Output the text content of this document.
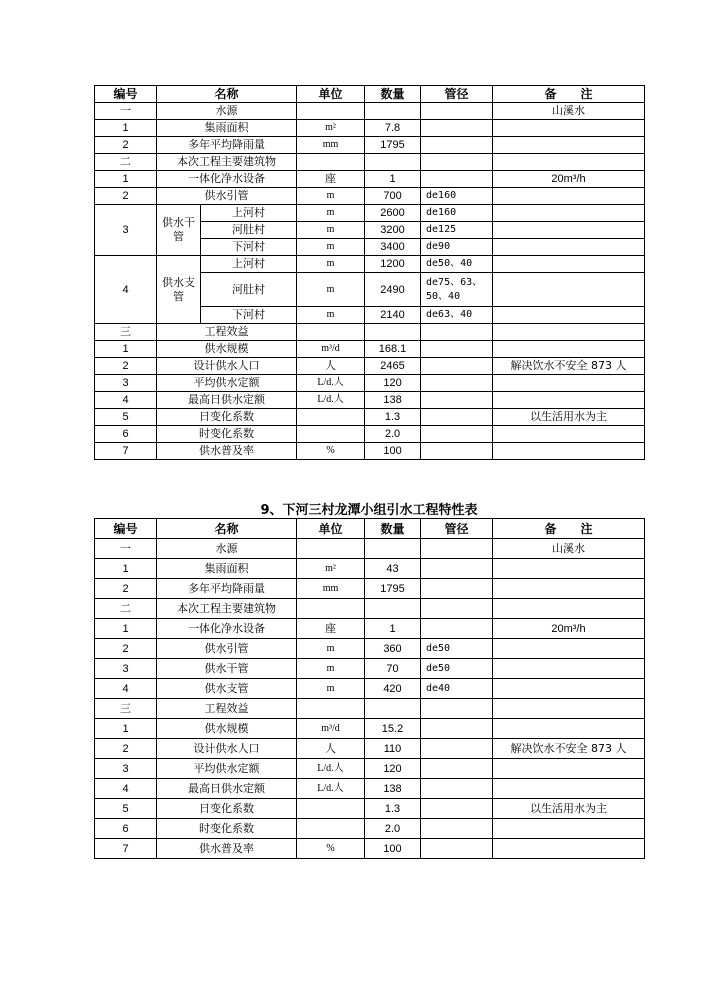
编号	名称		单位	数量	管径	备　　注
一	水源					山溪水
1	集雨面积		m²	7.8		
2	多年平均降雨量		mm	1795		
二	本次工程主要建筑物					
1	一体化净水设备		座	1		20m³/h
2	供水引管		m	700	de160	
3	供水干管	上河村	m	2600	de160	
		河肚村	m	3200	de125	
		下河村	m	3400	de90	
4	供水支管	上河村	m	1200	de50、40	
		河肚村	m	2490	de75、63、50、40	
		下河村	m	2140	de63、40	
三	工程效益					
1	供水规模		m³/d	168.1		
2	设计供水人口		人	2465		解决饮水不安全 873 人
3	平均供水定额		L/d.人	120		
4	最高日供水定额		L/d.人	138		
5	日变化系数			1.3		以生活用水为主
6	时变化系数			2.0		
7	供水普及率		%	100		
9、下河三村龙潭小组引水工程特性表
编号	名称	单位	数量	管径	备　　注
一	水源				山溪水
1	集雨面积	m²	43		
2	多年平均降雨量	mm	1795		
二	本次工程主要建筑物				
1	一体化净水设备	座	1		20m³/h
2	供水引管	m	360	de50	
3	供水干管	m	70	de50	
4	供水支管	m	420	de40	
三	工程效益				
1	供水规模	m³/d	15.2		
2	设计供水人口	人	110		解决饮水不安全 873 人
3	平均供水定额	L/d.人	120		
4	最高日供水定额	L/d.人	138		
5	日变化系数		1.3		以生活用水为主
6	时变化系数		2.0		
7	供水普及率	%	100		
